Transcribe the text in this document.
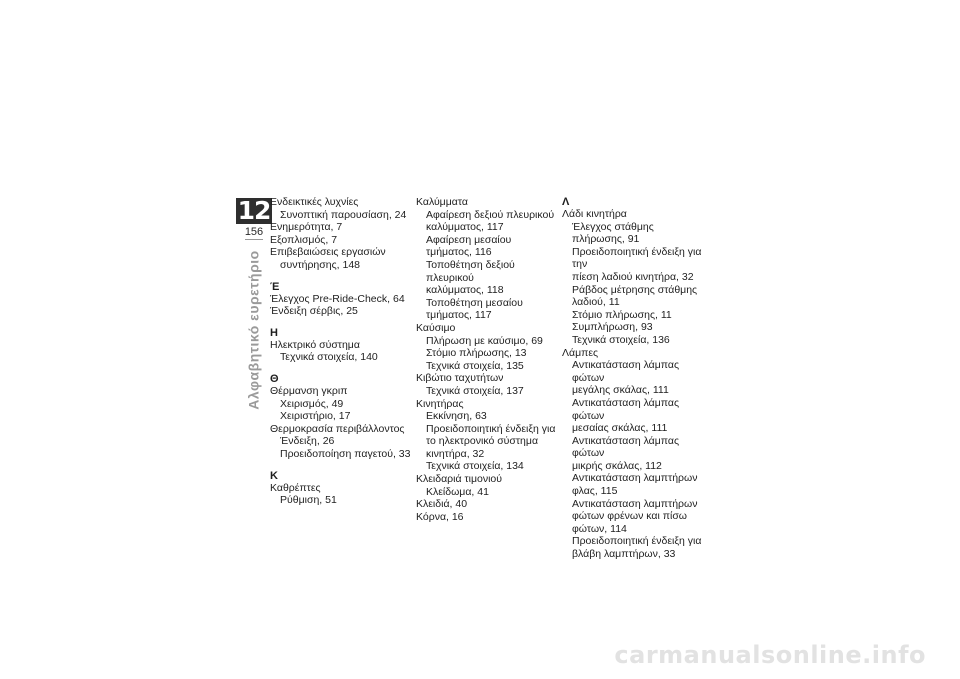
12
156
Αλφαβητικό ευρετήριο
Ενδεικτικές λυχνίες
Συνοπτική παρουσίαση, 24
Ενημερότητα, 7
Εξοπλισμός, 7
Επιβεβαιώσεις εργασιών
συντήρησης, 148
Έ
Έλεγχος Pre-Ride-Check, 64
Ένδειξη σέρβις, 25
Η
Ηλεκτρικό σύστημα
Τεχνικά στοιχεία, 140
Θ
Θέρμανση γκριπ
Χειρισμός, 49
Χειριστήριο, 17
Θερμοκρασία περιβάλλοντος
Ένδειξη, 26
Προειδοποίηση παγετού, 33
Κ
Καθρέπτες
Ρύθμιση, 51
Καλύμματα
Αφαίρεση δεξιού πλευρικού
καλύμματος, 117
Αφαίρεση μεσαίου
τμήματος, 116
Τοποθέτηση δεξιού πλευρικού
καλύμματος, 118
Τοποθέτηση μεσαίου
τμήματος, 117
Καύσιμο
Πλήρωση με καύσιμο, 69
Στόμιο πλήρωσης, 13
Τεχνικά στοιχεία, 135
Κιβώτιο ταχυτήτων
Τεχνικά στοιχεία, 137
Κινητήρας
Εκκίνηση, 63
Προειδοποιητική ένδειξη για
το ηλεκτρονικό σύστημα
κινητήρα, 32
Τεχνικά στοιχεία, 134
Κλειδαριά τιμονιού
Κλείδωμα, 41
Κλειδιά, 40
Κόρνα, 16
Λ
Λάδι κινητήρα
Έλεγχος στάθμης
πλήρωσης, 91
Προειδοποιητική ένδειξη για την
πίεση λαδιού κινητήρα, 32
Ράβδος μέτρησης στάθμης
λαδιού, 11
Στόμιο πλήρωσης, 11
Συμπλήρωση, 93
Τεχνικά στοιχεία, 136
Λάμπες
Αντικατάσταση λάμπας φώτων
μεγάλης σκάλας, 111
Αντικατάσταση λάμπας φώτων
μεσαίας σκάλας, 111
Αντικατάσταση λάμπας φώτων
μικρής σκάλας, 112
Αντικατάσταση λαμπτήρων
φλας, 115
Αντικατάσταση λαμπτήρων
φώτων φρένων και πίσω
φώτων, 114
Προειδοποιητική ένδειξη για
βλάβη λαμπτήρων, 33
carmanualsonline.info
